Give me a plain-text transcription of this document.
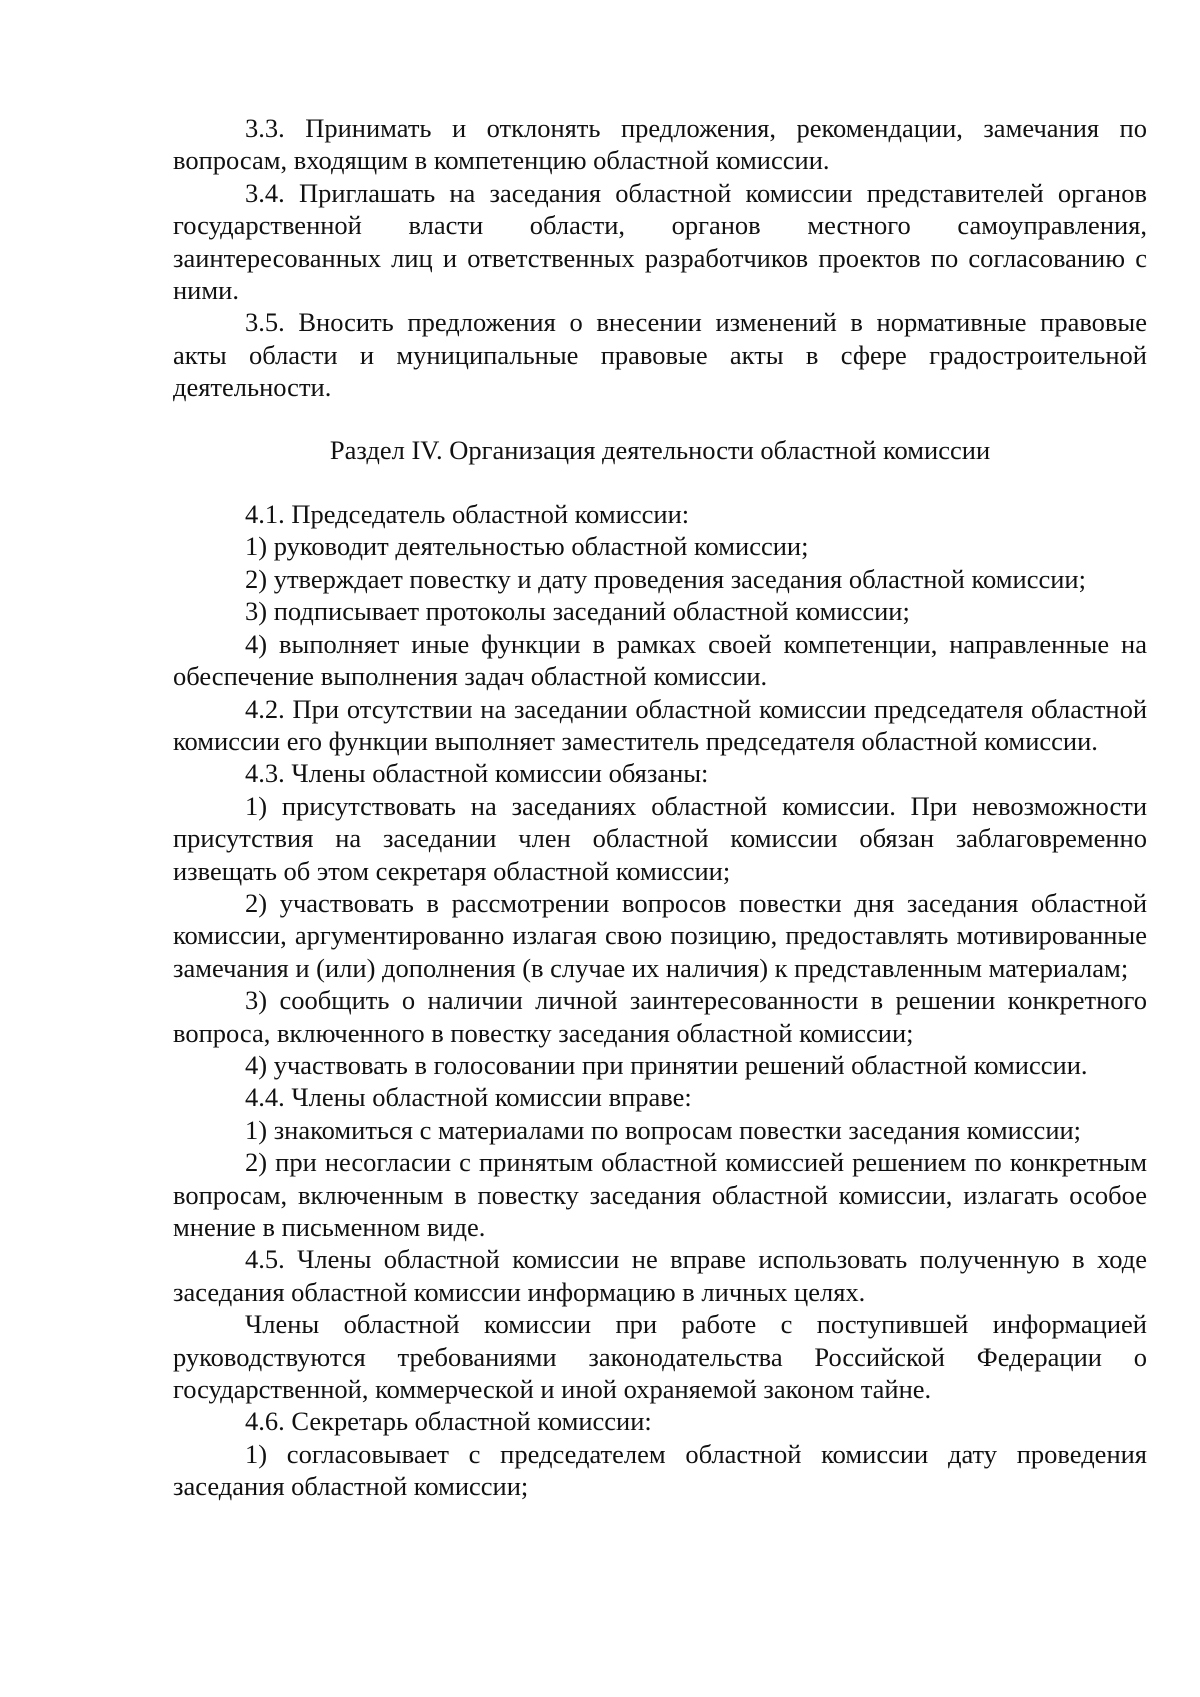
3.3. Принимать и отклонять предложения, рекомендации, замечания по вопросам, входящим в компетенцию областной комиссии.

3.4. Приглашать на заседания областной комиссии представителей органов государственной власти области, органов местного самоуправления, заинтересованных лиц и ответственных разработчиков проектов по согласованию с ними.

3.5. Вносить предложения о внесении изменений в нормативные правовые акты области и муниципальные правовые акты в сфере градостроительной деятельности.

Раздел IV. Организация деятельности областной комиссии

4.1. Председатель областной комиссии:

1) руководит деятельностью областной комиссии;

2) утверждает повестку и дату проведения заседания областной комиссии;

3) подписывает протоколы заседаний областной комиссии;

4) выполняет иные функции в рамках своей компетенции, направленные на обеспечение выполнения задач областной комиссии.

4.2. При отсутствии на заседании областной комиссии председателя областной комиссии его функции выполняет заместитель председателя областной комиссии.

4.3. Члены областной комиссии обязаны:

1) присутствовать на заседаниях областной комиссии. При невозможности присутствия на заседании член областной комиссии обязан заблаговременно извещать об этом секретаря областной комиссии;

2) участвовать в рассмотрении вопросов повестки дня заседания областной комиссии, аргументированно излагая свою позицию, предоставлять мотивированные замечания и (или) дополнения (в случае их наличия) к представленным материалам;

3) сообщить о наличии личной заинтересованности в решении конкретного вопроса, включенного в повестку заседания областной комиссии;

4) участвовать в голосовании при принятии решений областной комиссии.

4.4. Члены областной комиссии вправе:

1) знакомиться с материалами по вопросам повестки заседания комиссии;

2) при несогласии с принятым областной комиссией решением по конкретным вопросам, включенным в повестку заседания областной комиссии, излагать особое мнение в письменном виде.

4.5. Члены областной комиссии не вправе использовать полученную в ходе заседания областной комиссии информацию в личных целях.

Члены областной комиссии при работе с поступившей информацией руководствуются требованиями законодательства Российской Федерации о государственной, коммерческой и иной охраняемой законом тайне.

4.6. Секретарь областной комиссии:

1) согласовывает с председателем областной комиссии дату проведения заседания областной комиссии;
